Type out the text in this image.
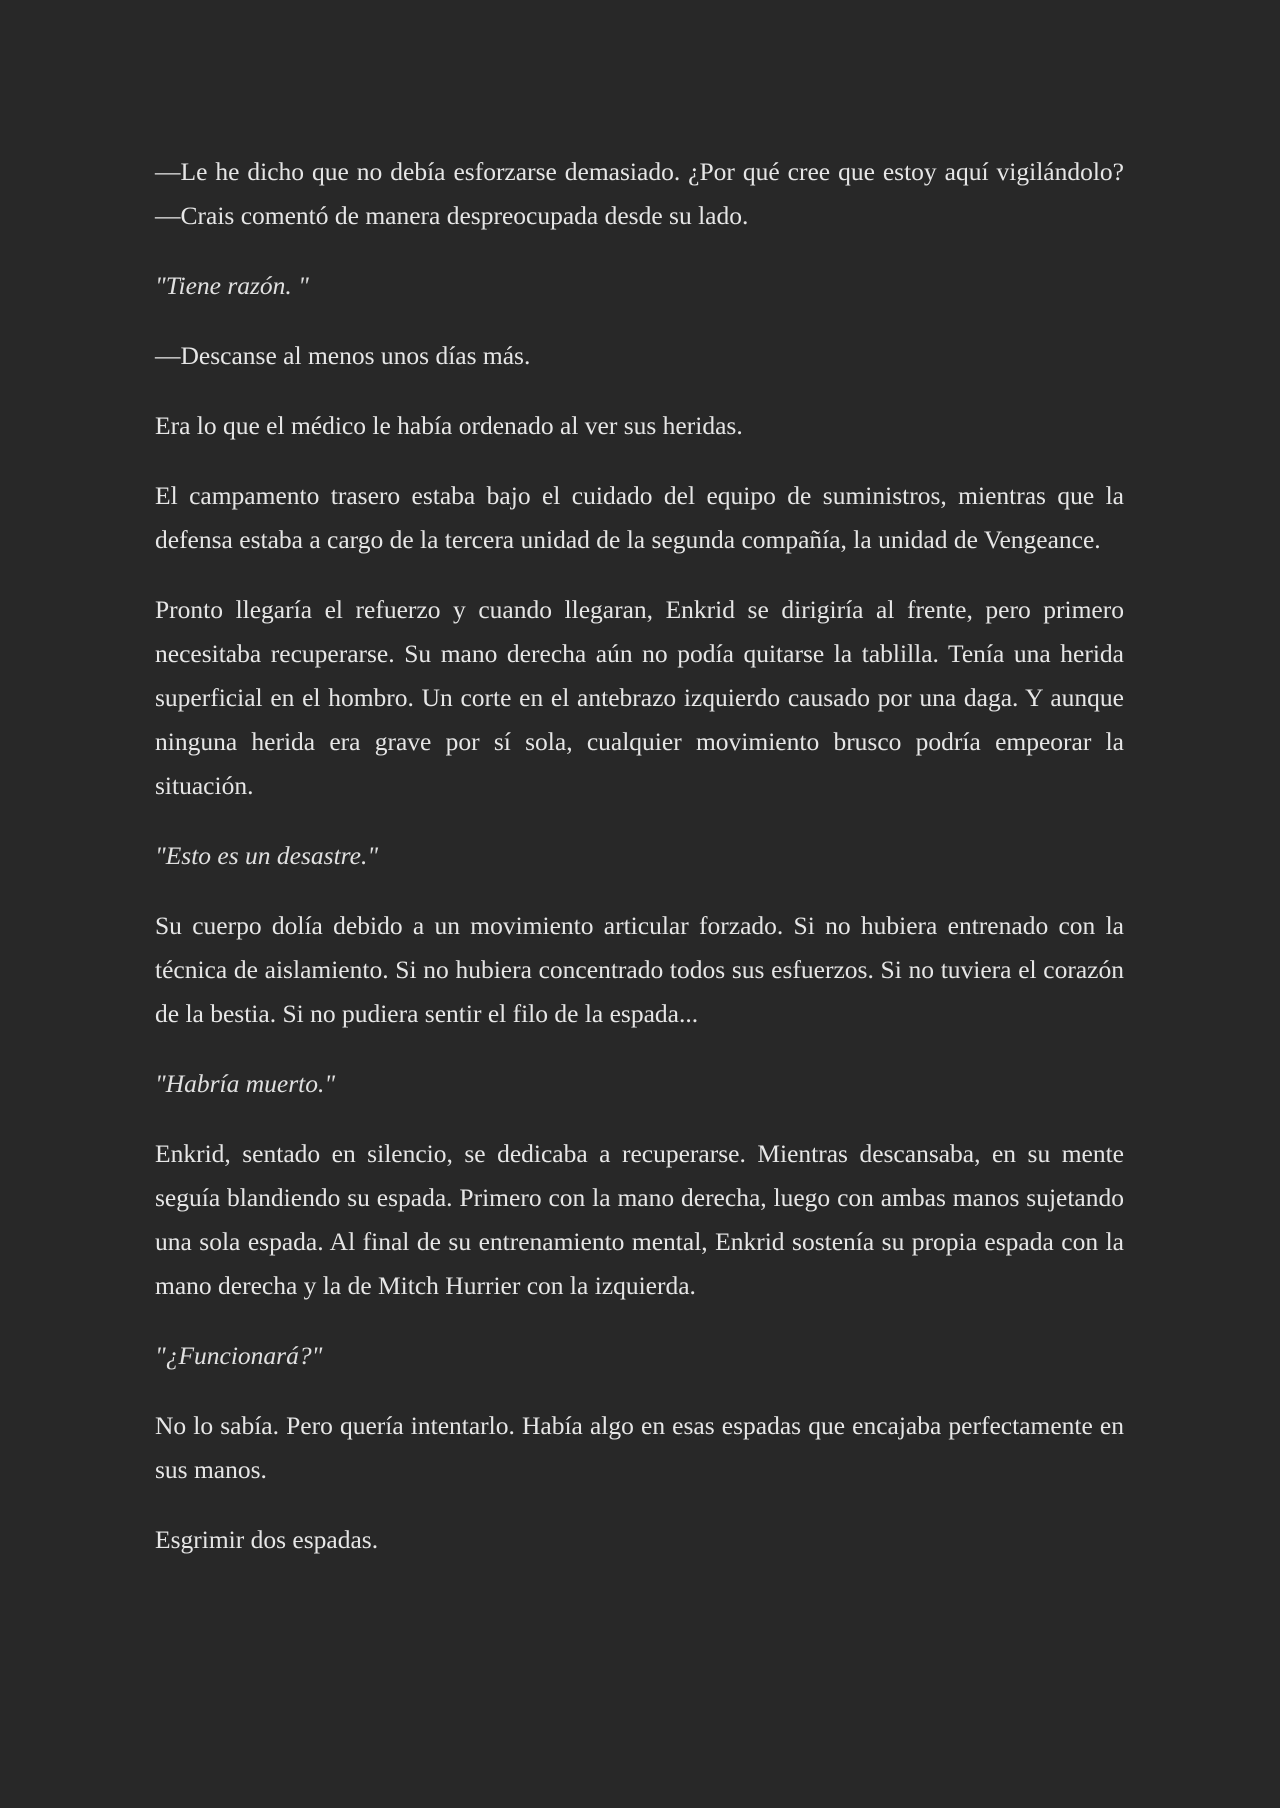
—Le he dicho que no debía esforzarse demasiado. ¿Por qué cree que estoy aquí vigilándolo? —Crais comentó de manera despreocupada desde su lado.

"Tiene razón. "

—Descanse al menos unos días más.

Era lo que el médico le había ordenado al ver sus heridas.

El campamento trasero estaba bajo el cuidado del equipo de suministros, mientras que la defensa estaba a cargo de la tercera unidad de la segunda compañía, la unidad de Vengeance.

Pronto llegaría el refuerzo y cuando llegaran, Enkrid se dirigiría al frente, pero primero necesitaba recuperarse. Su mano derecha aún no podía quitarse la tablilla. Tenía una herida superficial en el hombro. Un corte en el antebrazo izquierdo causado por una daga. Y aunque ninguna herida era grave por sí sola, cualquier movimiento brusco podría empeorar la situación.

"Esto es un desastre."

Su cuerpo dolía debido a un movimiento articular forzado. Si no hubiera entrenado con la técnica de aislamiento. Si no hubiera concentrado todos sus esfuerzos. Si no tuviera el corazón de la bestia. Si no pudiera sentir el filo de la espada...

"Habría muerto."

Enkrid, sentado en silencio, se dedicaba a recuperarse. Mientras descansaba, en su mente seguía blandiendo su espada. Primero con la mano derecha, luego con ambas manos sujetando una sola espada. Al final de su entrenamiento mental, Enkrid sostenía su propia espada con la mano derecha y la de Mitch Hurrier con la izquierda.

"¿Funcionará?"

No lo sabía. Pero quería intentarlo. Había algo en esas espadas que encajaba perfectamente en sus manos.

Esgrimir dos espadas.
